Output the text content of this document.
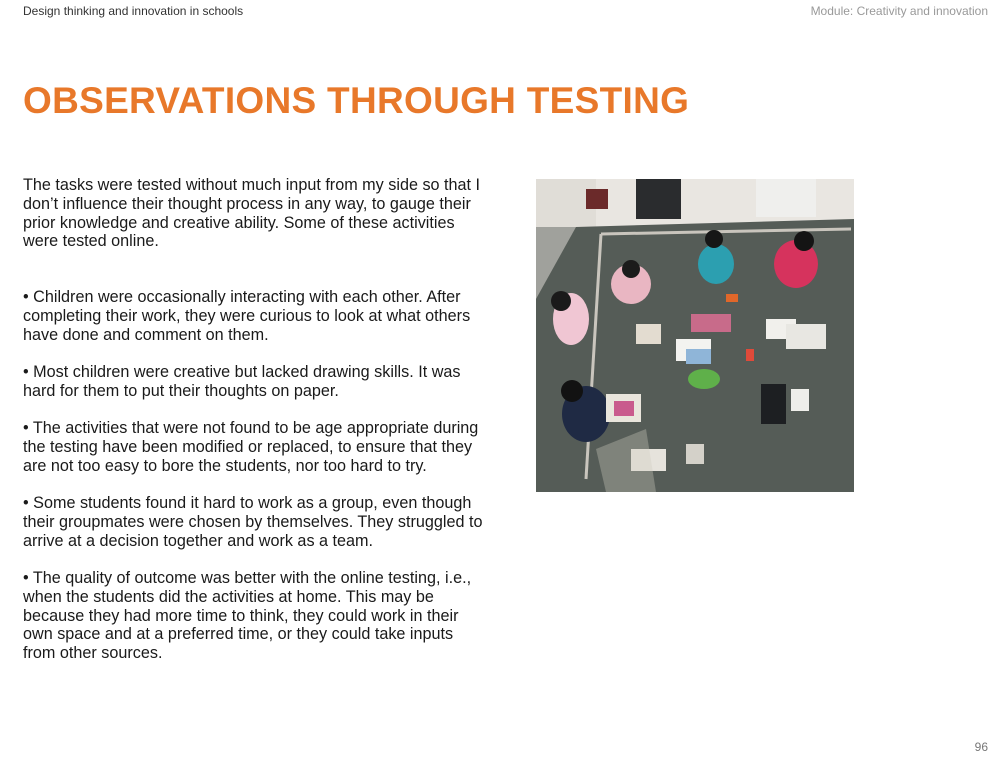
Design thinking and innovation in schools	Module: Creativity and innovation
OBSERVATIONS THROUGH TESTING

The tasks were tested without much input from my side so that I don’t influence their thought process in any way, to gauge their prior knowledge and creative ability. Some of these activities were tested online.

• Children were occasionally interacting with each other. After completing their work, they were curious to look at what others have done and comment on them.

• Most children were creative but lacked drawing skills. It was hard for them to put their thoughts on paper.

• The activities that were not found to be age appropriate during the testing have been modified or replaced, to ensure that they are not too easy to bore the students, nor too hard to try.

• Some students found it hard to work as a group, even though their groupmates were chosen by themselves. They struggled to arrive at a decision together and work as a team.

• The quality of outcome was better with the online testing, i.e., when the students did the activities at home. This may be because they had more time to think, they could work in their own space and at a preferred time, or they could take inputs from other sources.

96
